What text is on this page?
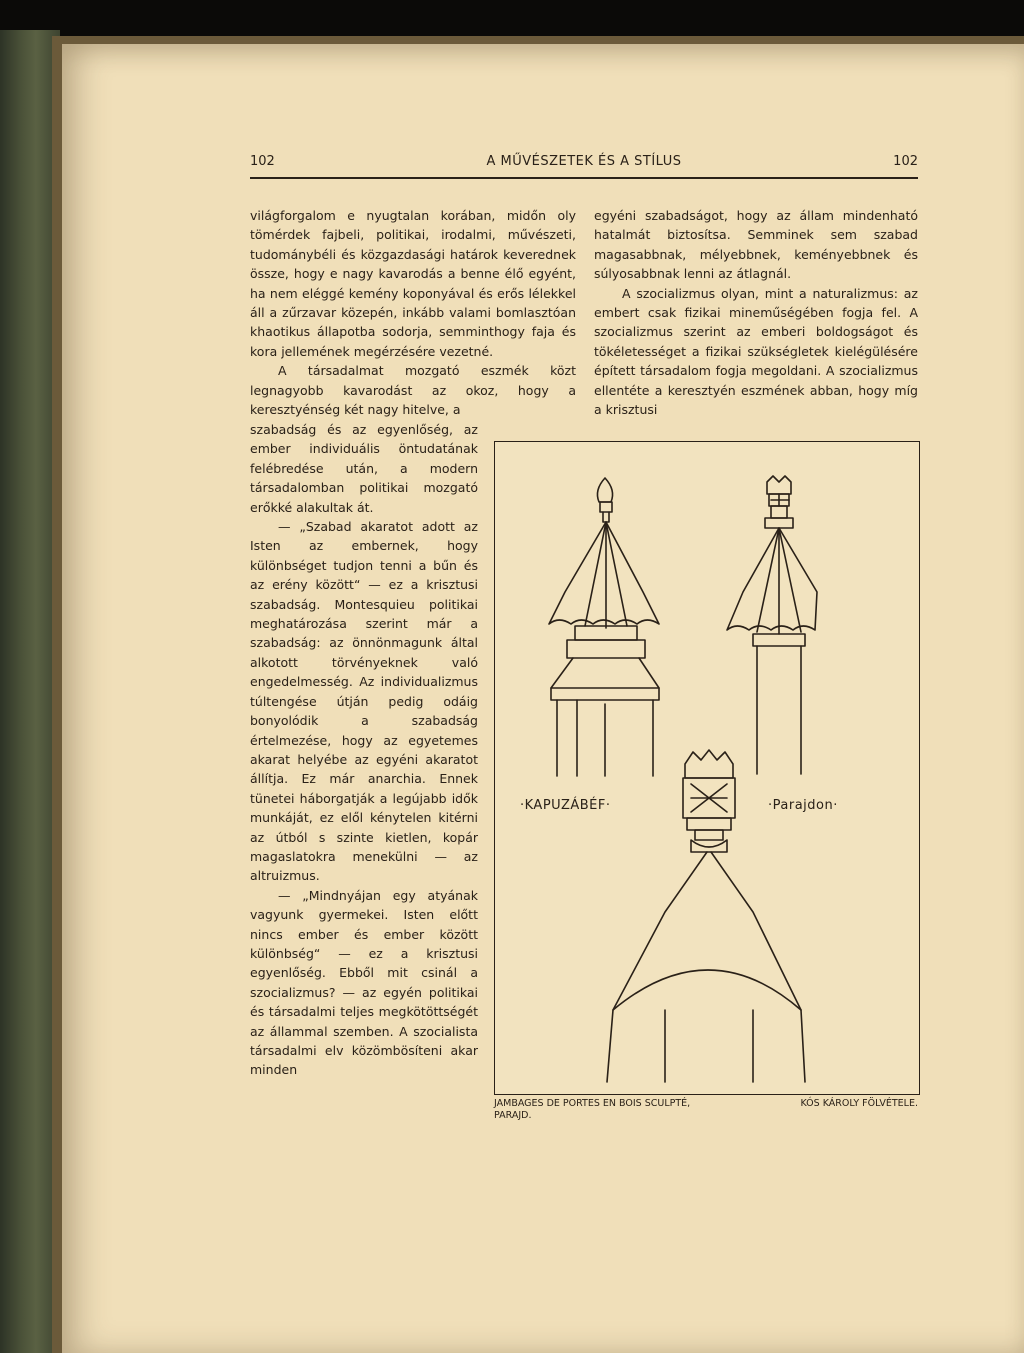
102	A MŰVÉSZETEK ÉS A STÍLUS	102

világforgalom e nyugtalan korában, midőn oly tömérdek fajbeli, politikai, irodalmi, művészeti, tudománybéli és közgazdasági határok keverednek össze, hogy e nagy kavarodás a benne élő egyént, ha nem eléggé kemény koponyával és erős lélekkel áll a zűrzavar közepén, inkább valami bomlasztóan khaotikus állapotba sodorja, semminthogy faja és kora jellemének megérzésére vezetné.

A társadalmat mozgató eszmék közt legnagyobb kavarodást az okoz, hogy a keresztyénség két nagy hitelve, a

szabadság és az egyenlőség, az ember individuális öntudatának felébredése után, a modern társadalomban politikai mozgató erőkké alakultak át.

— „Szabad akaratot adott az Isten az embernek, hogy különbséget tudjon tenni a bűn és az erény között“ — ez a krisztusi szabadság. Montesquieu politikai meghatározása szerint már a szabadság: az önnönmagunk által alkotott törvényeknek való engedelmesség. Az individualizmus túltengése útján pedig odáig bonyolódik a szabadság értelmezése, hogy az egyetemes akarat helyébe az egyéni akaratot állítja. Ez már anarchia. Ennek tünetei háborgatják a legújabb idők munkáját, ez elől kénytelen kitérni az útból s szinte kietlen, kopár magaslatokra menekülni — az altruizmus.

— „Mindnyájan egy atyának vagyunk gyermekei. Isten előtt nincs ember és ember között különbség“ — ez a krisztusi egyenlőség. Ebből mit csinál a szocializmus? — az egyén politikai és társadalmi teljes megkötöttségét az állammal szemben. A szocialista társadalmi elv közömbösíteni akar minden

egyéni szabadságot, hogy az állam mindenható hatalmát biztosítsa. Semminek sem szabad magasabbnak, mélyebbnek, keményebbnek és súlyosabbnak lenni az átlagnál.

A szocializmus olyan, mint a naturalizmus: az embert csak fizikai mineműségében fogja fel. A szocializmus szerint az emberi boldogságot és tökéletességet a fizikai szükségletek kielégülésére épített társadalom fogja megoldani. A szocializmus ellentéte a keresztyén eszmének abban, hogy míg a krisztusi

·KAPUZÁBÉF·	·Parajdon·
JAMBAGES DE PORTES EN BOIS SCULPTÉ, PARAJD.
KÓS KÁROLY FÖLVÉTELE.
